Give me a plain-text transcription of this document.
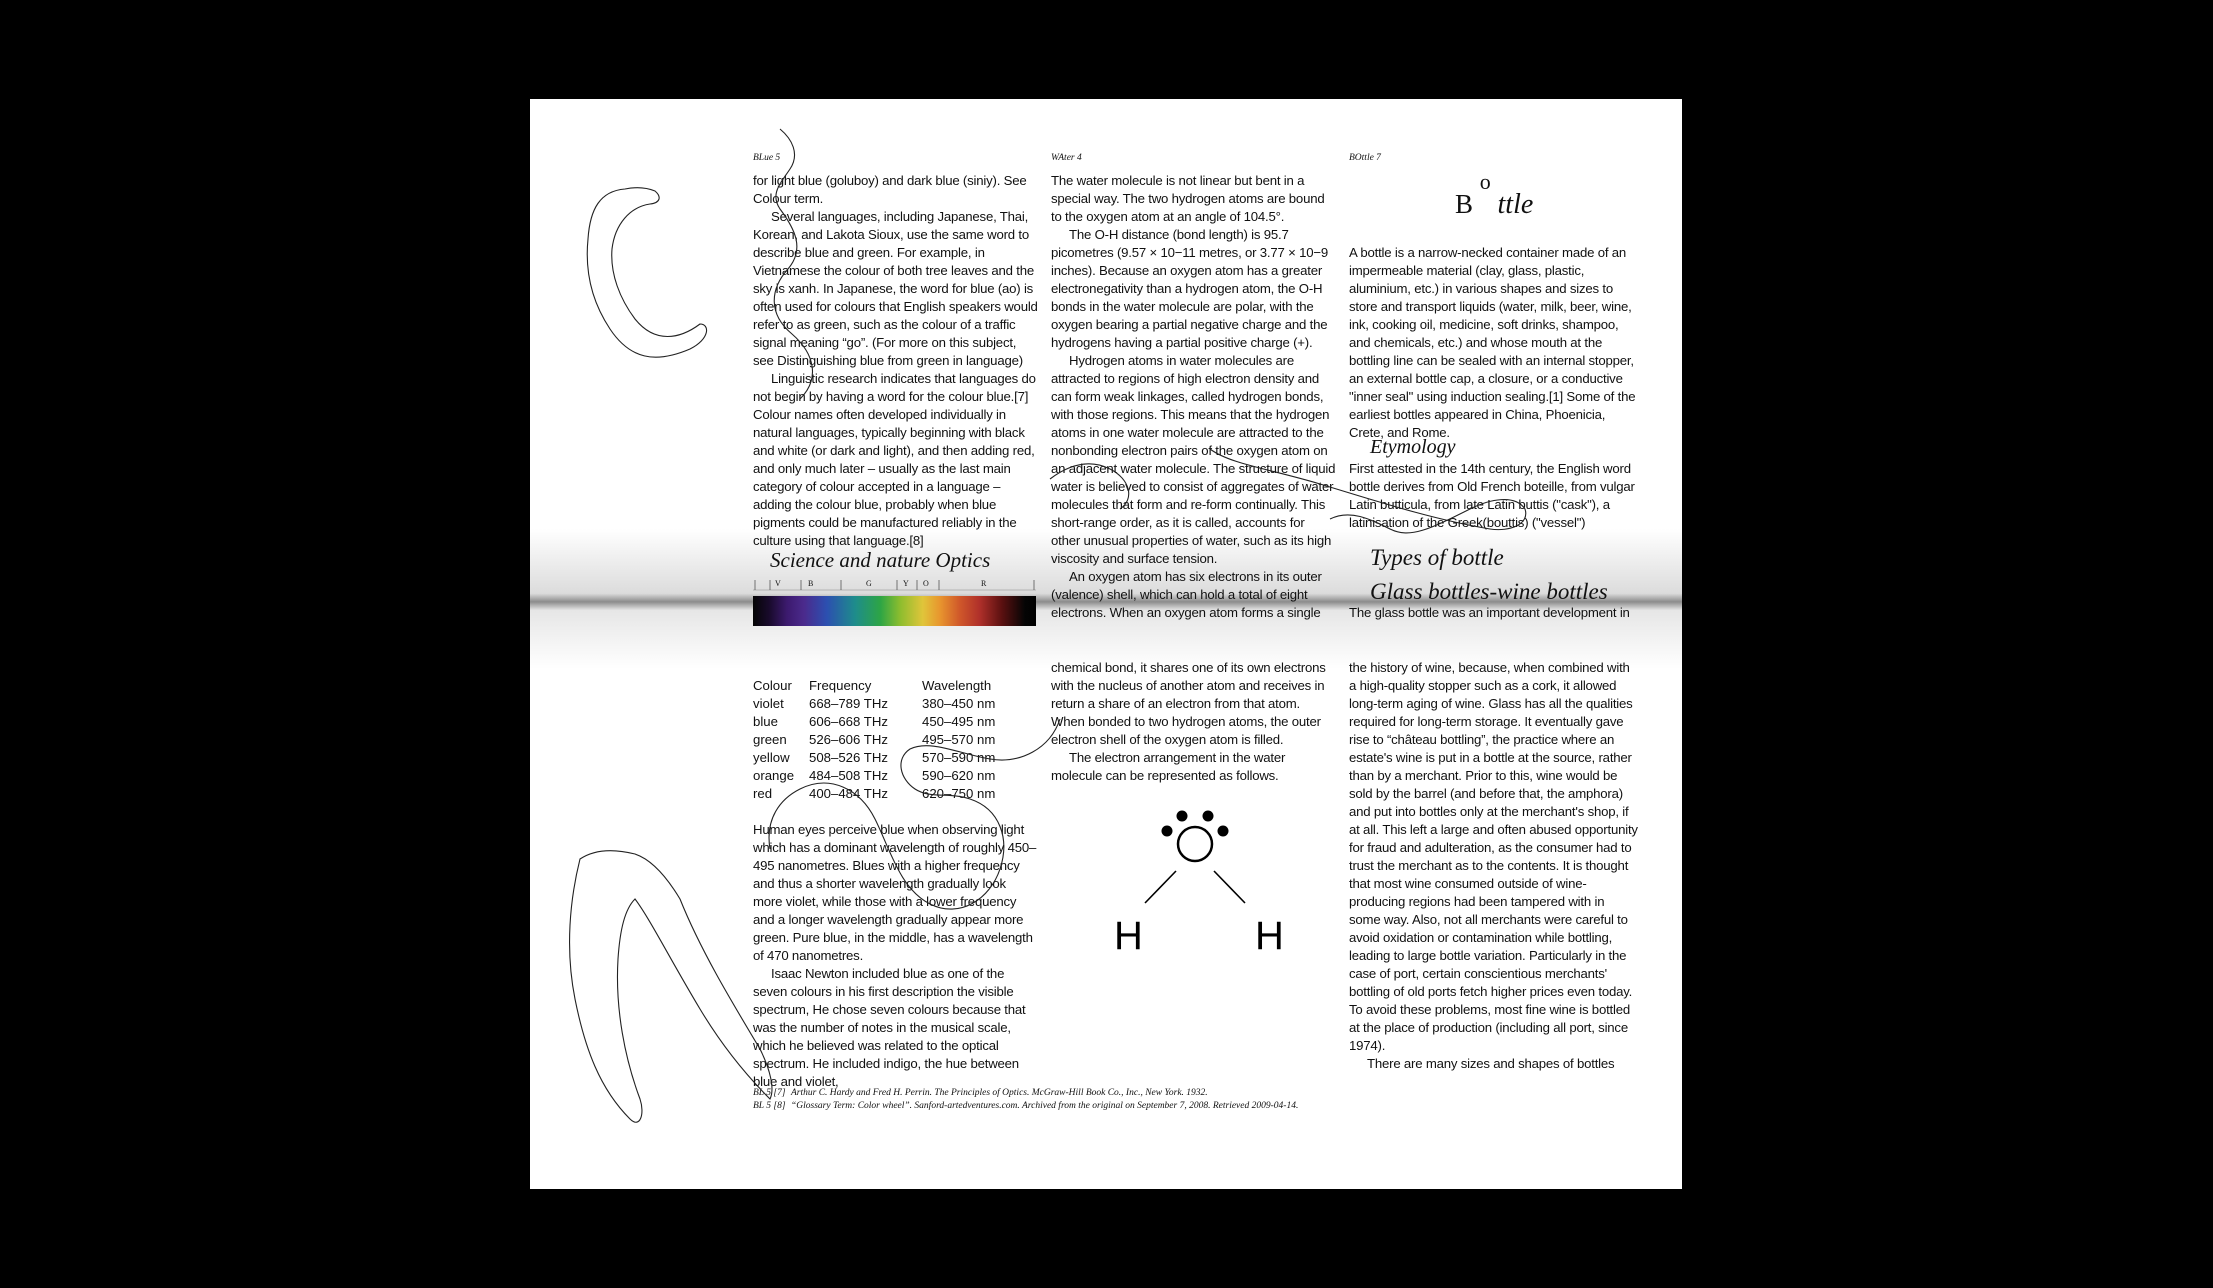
BLue 5	WAter 4	BOttle 7

for light blue (goluboy) and dark blue (siniy). See Colour term.

Several languages, including Japanese, Thai, Korean, and Lakota Sioux, use the same word to describe blue and green. For example, in Vietnamese the colour of both tree leaves and the sky is xanh. In Japanese, the word for blue (ao) is often used for colours that English speakers would refer to as green, such as the colour of a traffic signal meaning “go”. (For more on this subject, see Distinguishing blue from green in language)

Linguistic research indicates that languages do not begin by having a word for the colour blue.[7] Colour names often developed individually in natural languages, typically beginning with black and white (or dark and light), and then adding red, and only much later – usually as the last main category of colour accepted in a language – adding the colour blue, probably when blue pigments could be manufactured reliably in the culture using that language.[8]

Science and nature Optics
V	B	G	Y O	R
Colour	Frequency	Wavelength
violet	668–789 THz	380–450 nm
blue	606–668 THz	450–495 nm
green	526–606 THz	495–570 nm
yellow	508–526 THz	570–590 nm
orange	484–508 THz	590–620 nm
red	400–484 THz	620–750 nm

Human eyes perceive blue when observing light which has a dominant wavelength of roughly 450–495 nanometres. Blues with a higher frequency and thus a shorter wavelength gradually look more violet, while those with a lower frequency and a longer wavelength gradually appear more green. Pure blue, in the middle, has a wavelength of 470 nanometres.

Isaac Newton included blue as one of the seven colours in his first description the visible spectrum, He chose seven colours because that was the number of notes in the musical scale, which he believed was related to the optical spectrum. He included indigo, the hue between blue and violet,

The water molecule is not linear but bent in a special way. The two hydrogen atoms are bound to the oxygen atom at an angle of 104.5°.

The O-H distance (bond length) is 95.7 picometres (9.57 × 10−11 metres, or 3.77 × 10−9 inches). Because an oxygen atom has a greater electronegativity than a hydrogen atom, the O-H bonds in the water molecule are polar, with the oxygen bearing a partial negative charge and the hydrogens having a partial positive charge (+).

Hydrogen atoms in water molecules are attracted to regions of high electron density and can form weak linkages, called hydrogen bonds, with those regions. This means that the hydrogen atoms in one water molecule are attracted to the nonbonding electron pairs of the oxygen atom on an adjacent water molecule. The structure of liquid water is believed to consist of aggregates of water molecules that form and re-form continually. This short-range order, as it is called, accounts for other unusual properties of water, such as its high viscosity and surface tension.

An oxygen atom has six electrons in its outer (valence) shell, which can hold a total of eight electrons. When an oxygen atom forms a single

chemical bond, it shares one of its own electrons with the nucleus of another atom and receives in return a share of an electron from that atom. When bonded to two hydrogen atoms, the outer electron shell of the oxygen atom is filled.

The electron arrangement in the water molecule can be represented as follows.

H	H
B $^o$ ttle

A bottle is a narrow-necked container made of an impermeable material (clay, glass, plastic, aluminium, etc.) in various shapes and sizes to store and transport liquids (water, milk, beer, wine, ink, cooking oil, medicine, soft drinks, shampoo, and chemicals, etc.) and whose mouth at the bottling line can be sealed with an internal stopper, an external bottle cap, a closure, or a conductive "inner seal" using induction sealing.[1] Some of the earliest bottles appeared in China, Phoenicia, Crete, and Rome.

Etymology

First attested in the 14th century, the English word bottle derives from Old French boteille, from vulgar Latin butticula, from late Latin buttis ("cask"), a latinisation of the Greek(bouttis) ("vessel")

Types of bottle
Glass bottles-wine bottles

The glass bottle was an important development in

the history of wine, because, when combined with a high-quality stopper such as a cork, it allowed long-term aging of wine. Glass has all the qualities required for long-term storage. It eventually gave rise to “château bottling”, the practice where an estate's wine is put in a bottle at the source, rather than by a merchant. Prior to this, wine would be sold by the barrel (and before that, the amphora) and put into bottles only at the merchant's shop, if at all. This left a large and often abused opportunity for fraud and adulteration, as the consumer had to trust the merchant as to the contents. It is thought that most wine consumed outside of wine-producing regions had been tampered with in some way. Also, not all merchants were careful to avoid oxidation or contamination while bottling, leading to large bottle variation. Particularly in the case of port, certain conscientious merchants' bottling of old ports fetch higher prices even today. To avoid these problems, most fine wine is bottled at the place of production (including all port, since 1974).

There are many sizes and shapes of bottles

BL 5 [7] Arthur C. Hardy and Fred H. Perrin. The Principles of Optics. McGraw-Hill Book Co., Inc., New York. 1932.
BL 5 [8] “Glossary Term: Color wheel”. Sanford-artedventures.com. Archived from the original on September 7, 2008. Retrieved 2009-04-14.
